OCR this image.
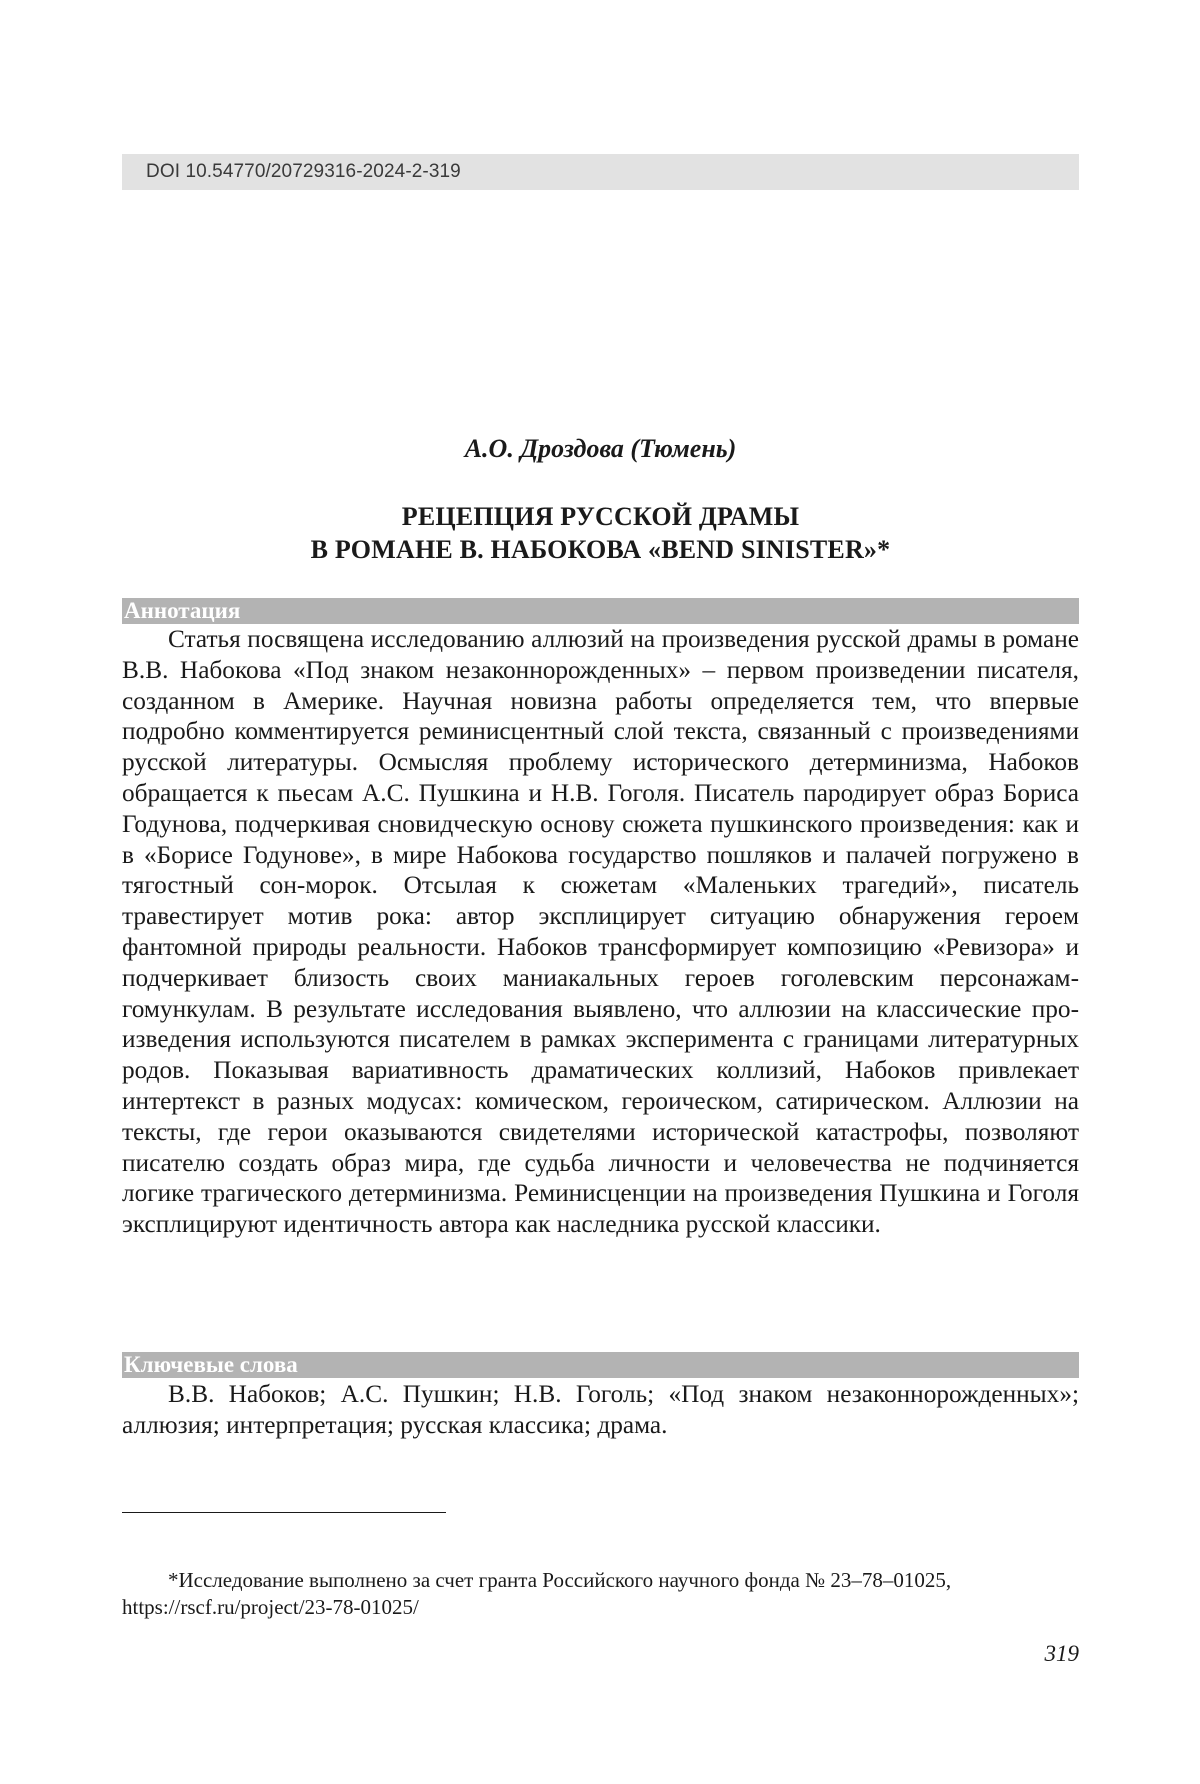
DOI 10.54770/20729316-2024-2-319
А.О. Дроздова (Тюмень)
РЕЦЕПЦИЯ РУССКОЙ ДРАМЫ
В РОМАНЕ В. НАБОКОВА «BEND SINISTER»*
Аннотация

Статья посвящена исследованию аллюзий на произведения русской драмы в романе В.В. Набокова «Под знаком незаконнорожденных» – первом произведении писателя, созданном в Америке. Научная новизна работы определяется тем, что впервые подробно комментируется реминисцентный слой текста, связанный с произведениями русской литературы. Осмысляя проблему исторического детерминизма, Набоков обращается к пьесам А.С. Пушкина и Н.В. Гоголя. Писатель пародирует образ Бориса Годунова, подчеркивая сновидческую основу сюжета пушкинского произведения: как и в «Борисе Годунове», в мире Набокова государство пошляков и палачей погружено в тягостный сон-морок. Отсылая к сюжетам «Маленьких трагедий», писатель травестирует мотив рока: автор эксплицирует ситуацию обнаружения героем фантомной природы реальности. Набоков трансформирует композицию «Ревизора» и подчеркивает близость своих маниакальных героев гоголевским персонажам-гомункулам. В результате исследования выявлено, что аллюзии на классические произведения используются писателем в рамках эксперимента с границами литературных родов. Показывая вариативность драматических коллизий, Набоков привлекает интертекст в разных модусах: комическом, героическом, сатирическом. Аллюзии на тексты, где герои оказываются свидетелями исторической катастрофы, позволяют писателю создать образ мира, где судьба личности и человечества не подчиняется логике трагического детерминизма. Реминисценции на произведения Пушкина и Гоголя эксплицируют идентичность автора как наследника русской классики.

Ключевые слова

В.В. Набоков; А.С. Пушкин; Н.В. Гоголь; «Под знаком незаконнорожденных»; аллюзия; интерпретация; русская классика; драма.

*Исследование выполнено за счет гранта Российского научного фонда № 23–78–01025,
https://rscf.ru/project/23-78-01025/

319
